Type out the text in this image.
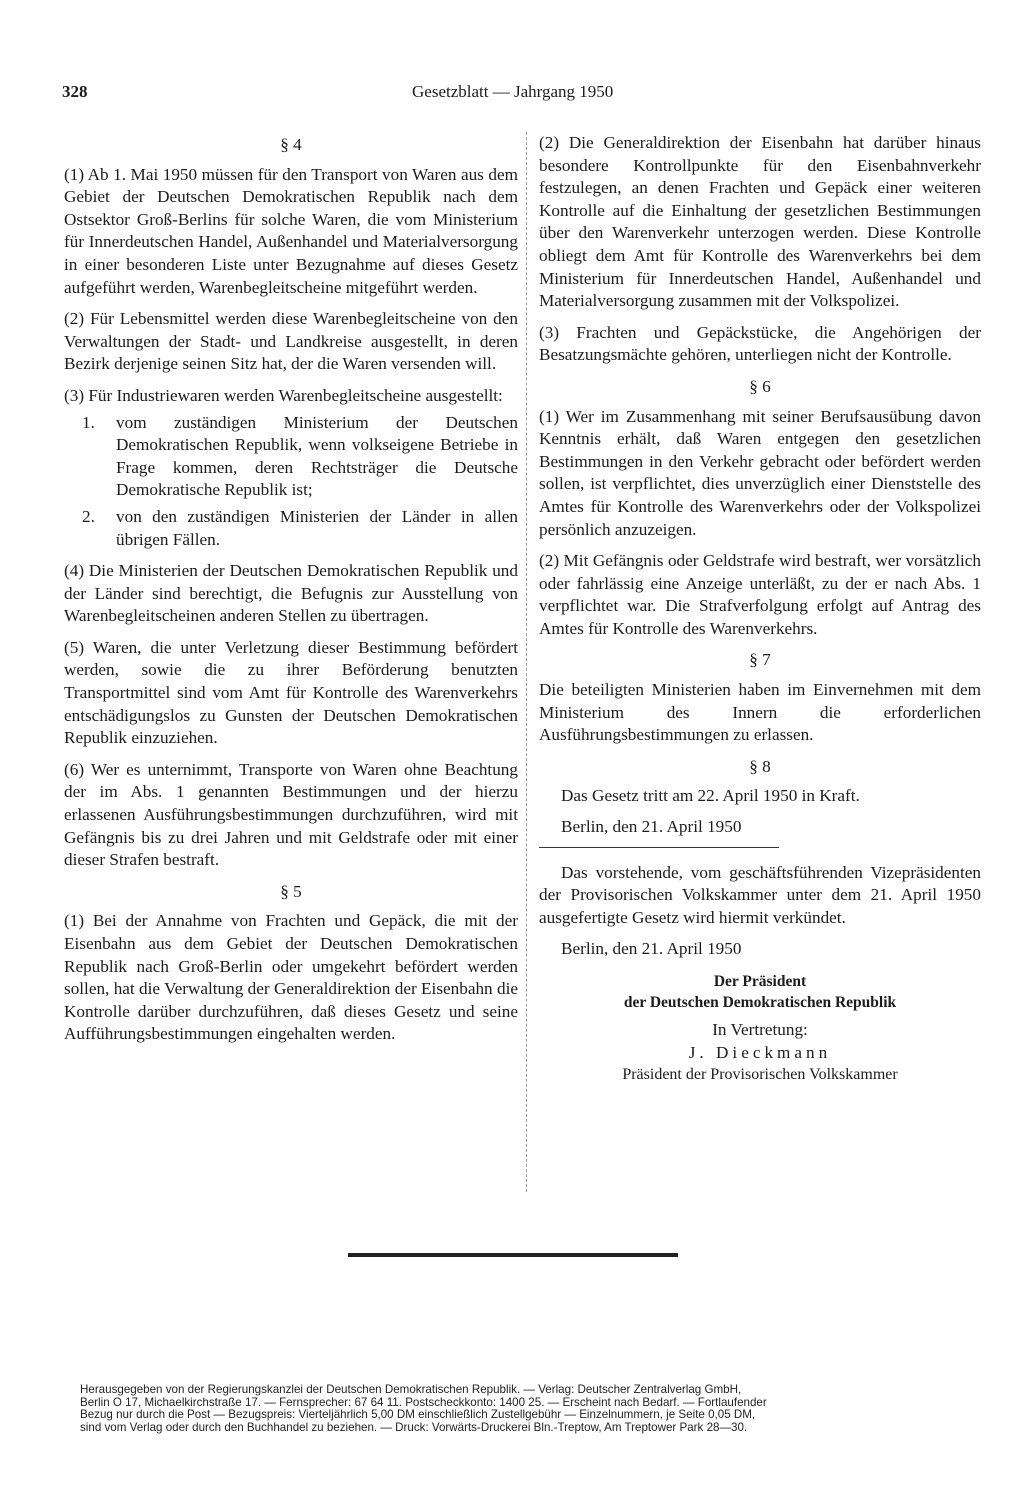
328	Gesetzblatt — Jahrgang 1950
§ 4

(1) Ab 1. Mai 1950 müssen für den Transport von Waren aus dem Gebiet der Deutschen Demokratischen Republik nach dem Ostsektor Groß-Berlins für solche Waren, die vom Ministerium für Innerdeutschen Handel, Außenhandel und Materialversorgung in einer besonderen Liste unter Bezugnahme auf dieses Gesetz aufgeführt werden, Warenbegleitscheine mitgeführt werden.

(2) Für Lebensmittel werden diese Warenbegleitscheine von den Verwaltungen der Stadt- und Landkreise ausgestellt, in deren Bezirk derjenige seinen Sitz hat, der die Waren versenden will.

(3) Für Industriewaren werden Warenbegleitscheine ausgestellt:

1.	vom zuständigen Ministerium der Deutschen Demokratischen Republik, wenn volkseigene Betriebe in Frage kommen, deren Rechtsträger die Deutsche Demokratische Republik ist;
2.	von den zuständigen Ministerien der Länder in allen übrigen Fällen.

(4) Die Ministerien der Deutschen Demokratischen Republik und der Länder sind berechtigt, die Befugnis zur Ausstellung von Warenbegleitscheinen anderen Stellen zu übertragen.

(5) Waren, die unter Verletzung dieser Bestimmung befördert werden, sowie die zu ihrer Beförderung benutzten Transportmittel sind vom Amt für Kontrolle des Warenverkehrs entschädigungslos zu Gunsten der Deutschen Demokratischen Republik einzuziehen.

(6) Wer es unternimmt, Transporte von Waren ohne Beachtung der im Abs. 1 genannten Bestimmungen und der hierzu erlassenen Ausführungsbestimmungen durchzuführen, wird mit Gefängnis bis zu drei Jahren und mit Geldstrafe oder mit einer dieser Strafen bestraft.

§ 5

(1) Bei der Annahme von Frachten und Gepäck, die mit der Eisenbahn aus dem Gebiet der Deutschen Demokratischen Republik nach Groß-Berlin oder umgekehrt befördert werden sollen, hat die Verwaltung der Generaldirektion der Eisenbahn die Kontrolle darüber durchzuführen, daß dieses Gesetz und seine Aufführungsbestimmungen eingehalten werden.

(2) Die Generaldirektion der Eisenbahn hat darüber hinaus besondere Kontrollpunkte für den Eisenbahnverkehr festzulegen, an denen Frachten und Gepäck einer weiteren Kontrolle auf die Einhaltung der gesetzlichen Bestimmungen über den Warenverkehr unterzogen werden. Diese Kontrolle obliegt dem Amt für Kontrolle des Warenverkehrs bei dem Ministerium für Innerdeutschen Handel, Außenhandel und Materialversorgung zusammen mit der Volkspolizei.

(3) Frachten und Gepäckstücke, die Angehörigen der Besatzungsmächte gehören, unterliegen nicht der Kontrolle.

§ 6

(1) Wer im Zusammenhang mit seiner Berufsausübung davon Kenntnis erhält, daß Waren entgegen den gesetzlichen Bestimmungen in den Verkehr gebracht oder befördert werden sollen, ist verpflichtet, dies unverzüglich einer Dienststelle des Amtes für Kontrolle des Warenverkehrs oder der Volkspolizei persönlich anzuzeigen.

(2) Mit Gefängnis oder Geldstrafe wird bestraft, wer vorsätzlich oder fahrlässig eine Anzeige unterläßt, zu der er nach Abs. 1 verpflichtet war. Die Strafverfolgung erfolgt auf Antrag des Amtes für Kontrolle des Warenverkehrs.

§ 7

Die beteiligten Ministerien haben im Einvernehmen mit dem Ministerium des Innern die erforderlichen Ausführungsbestimmungen zu erlassen.

§ 8

Das Gesetz tritt am 22. April 1950 in Kraft.

Berlin, den 21. April 1950

Das vorstehende, vom geschäftsführenden Vizepräsidenten der Provisorischen Volkskammer unter dem 21. April 1950 ausgefertigte Gesetz wird hiermit verkündet.

Berlin, den 21. April 1950

Der Präsident
der Deutschen Demokratischen Republik
In Vertretung:
J. Dieckmann
Präsident der Provisorischen Volkskammer
Herausgegeben von der Regierungskanzlei der Deutschen Demokratischen Republik. — Verlag: Deutscher Zentralverlag GmbH,
Berlin O 17, Michaelkirchstraße 17. — Fernsprecher: 67 64 11. Postscheckkonto: 1400 25. — Erscheint nach Bedarf. — Fortlaufender
Bezug nur durch die Post — Bezugspreis: Vierteljährlich 5,00 DM einschließlich Zustellgebühr — Einzelnummern, je Seite 0,05 DM,
sind vom Verlag oder durch den Buchhandel zu beziehen. — Druck: Vorwärts-Druckerei Bln.-Treptow, Am Treptower Park 28—30.
